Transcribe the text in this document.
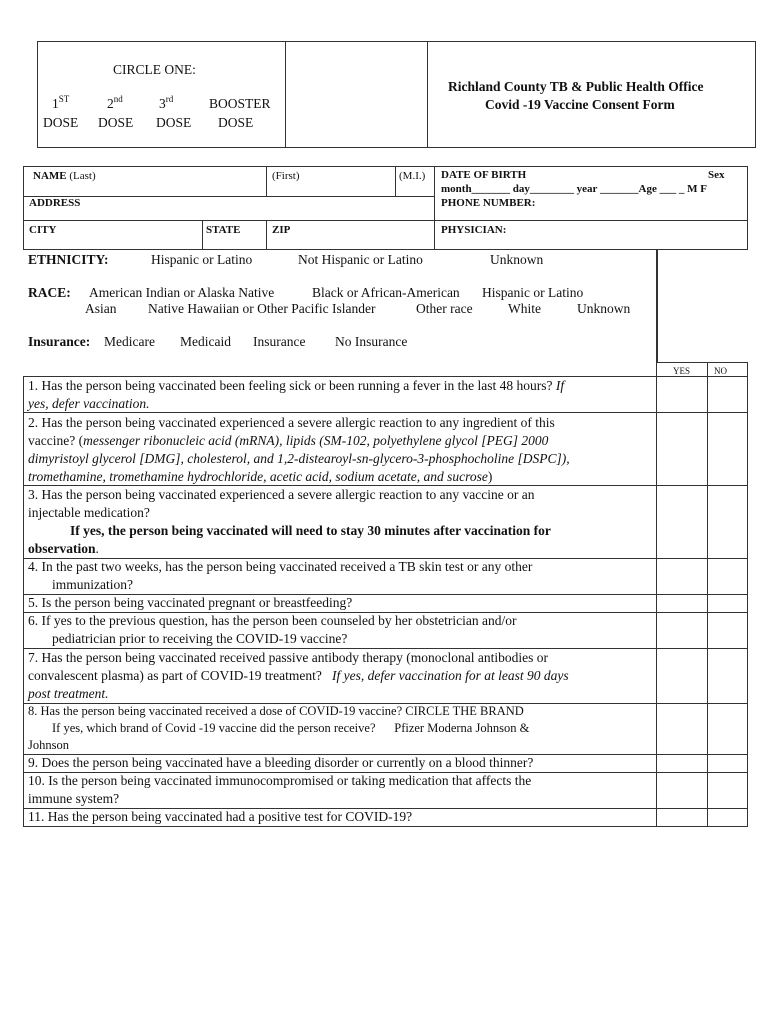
CIRCLE ONE:
1ST
DOSE
2nd
DOSE
3rd
DOSE
BOOSTER
DOSE
Richland County TB & Public Health Office
Covid -19 Vaccine Consent Form
NAME (Last)	(First)	(M.I.) DATE OF BIRTH	Sex
month_______ day________ year _______Age ___ _ M F
ADDRESS	PHONE NUMBER:
CITY	STATE	ZIP	PHYSICIAN:
ETHNICITY:	Hispanic or Latino	Not Hispanic or Latino	Unknown
RACE: American Indian or Alaska Native	Black or African-American Hispanic or Latino
Asian Native Hawaiian or Other Pacific Islander	Other race	White	Unknown
Insurance: Medicare Medicaid Insurance No Insurance
YES	NO
1. Has the person being vaccinated been feeling sick or been running a fever in the last 48 hours? If
yes, defer vaccination.
2. Has the person being vaccinated experienced a severe allergic reaction to any ingredient of this
vaccine? (messenger ribonucleic acid (mRNA), lipids (SM-102, polyethylene glycol [PEG] 2000
dimyristoyl glycerol [DMG], cholesterol, and 1,2-distearoyl-sn-glycero-3-phosphocholine [DSPC]),
tromethamine, tromethamine hydrochloride, acetic acid, sodium acetate, and sucrose)
3. Has the person being vaccinated experienced a severe allergic reaction to any vaccine or an
injectable medication?
If yes, the person being vaccinated will need to stay 30 minutes after vaccination for
observation.
4. In the past two weeks, has the person being vaccinated received a TB skin test or any other
immunization?
5. Is the person being vaccinated pregnant or breastfeeding?
6. If yes to the previous question, has the person been counseled by her obstetrician and/or
pediatrician prior to receiving the COVID-19 vaccine?
7. Has the person being vaccinated received passive antibody therapy (monoclonal antibodies or
convalescent plasma) as part of COVID-19 treatment? If yes, defer vaccination for at least 90 days
post treatment.
8. Has the person being vaccinated received a dose of COVID-19 vaccine? CIRCLE THE BRAND
If yes, which brand of Covid -19 vaccine did the person receive? Pfizer Moderna Johnson &
Johnson
9. Does the person being vaccinated have a bleeding disorder or currently on a blood thinner?
10. Is the person being vaccinated immunocompromised or taking medication that affects the
immune system?
11. Has the person being vaccinated had a positive test for COVID-19?
